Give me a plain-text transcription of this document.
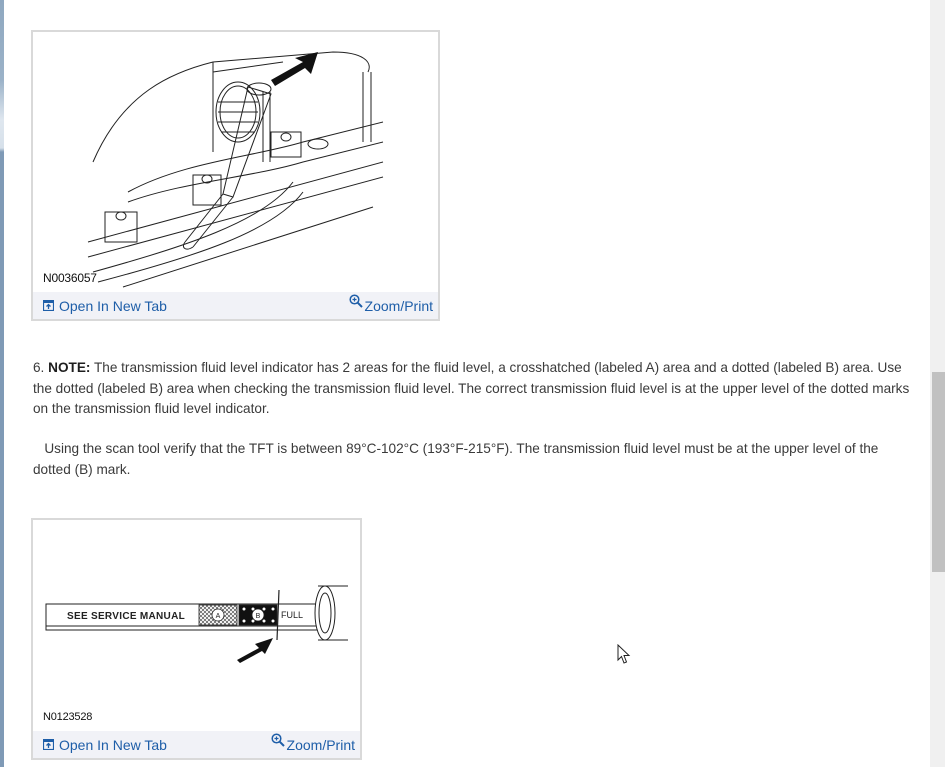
N0036057
Open In New Tab	Zoom/Print
6. NOTE: The transmission fluid level indicator has 2 areas for the fluid level, a crosshatched (labeled A) area and a dotted (labeled B) area. Use the dotted (labeled B) area when checking the transmission fluid level. The correct transmission fluid level is at the upper level of the dotted marks on the transmission fluid level indicator.
Using the scan tool verify that the TFT is between 89°C-102°C (193°F-215°F). The transmission fluid level must be at the upper level of the dotted (B) mark.
A	B
SEE SERVICE MANUAL	FULL
N0123528
Open In New Tab	Zoom/Print
